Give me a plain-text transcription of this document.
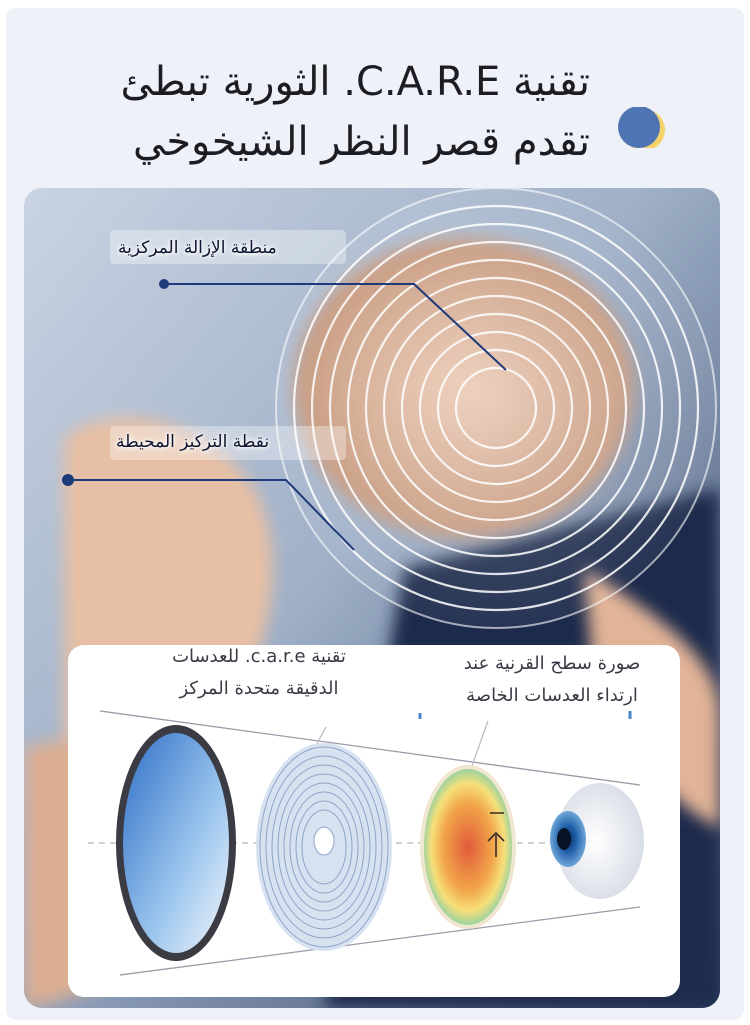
تقنية C.A.R.E. الثورية تبطئ
تقدم قصر النظر الشيخوخي
منطقة الإزالة المركزية
نقطة التركيز المحيطة
تقنية c.a.r.e. للعدسات
الدقيقة متحدة المركز
صورة سطح القرنية عند
ارتداء العدسات الخاصة
